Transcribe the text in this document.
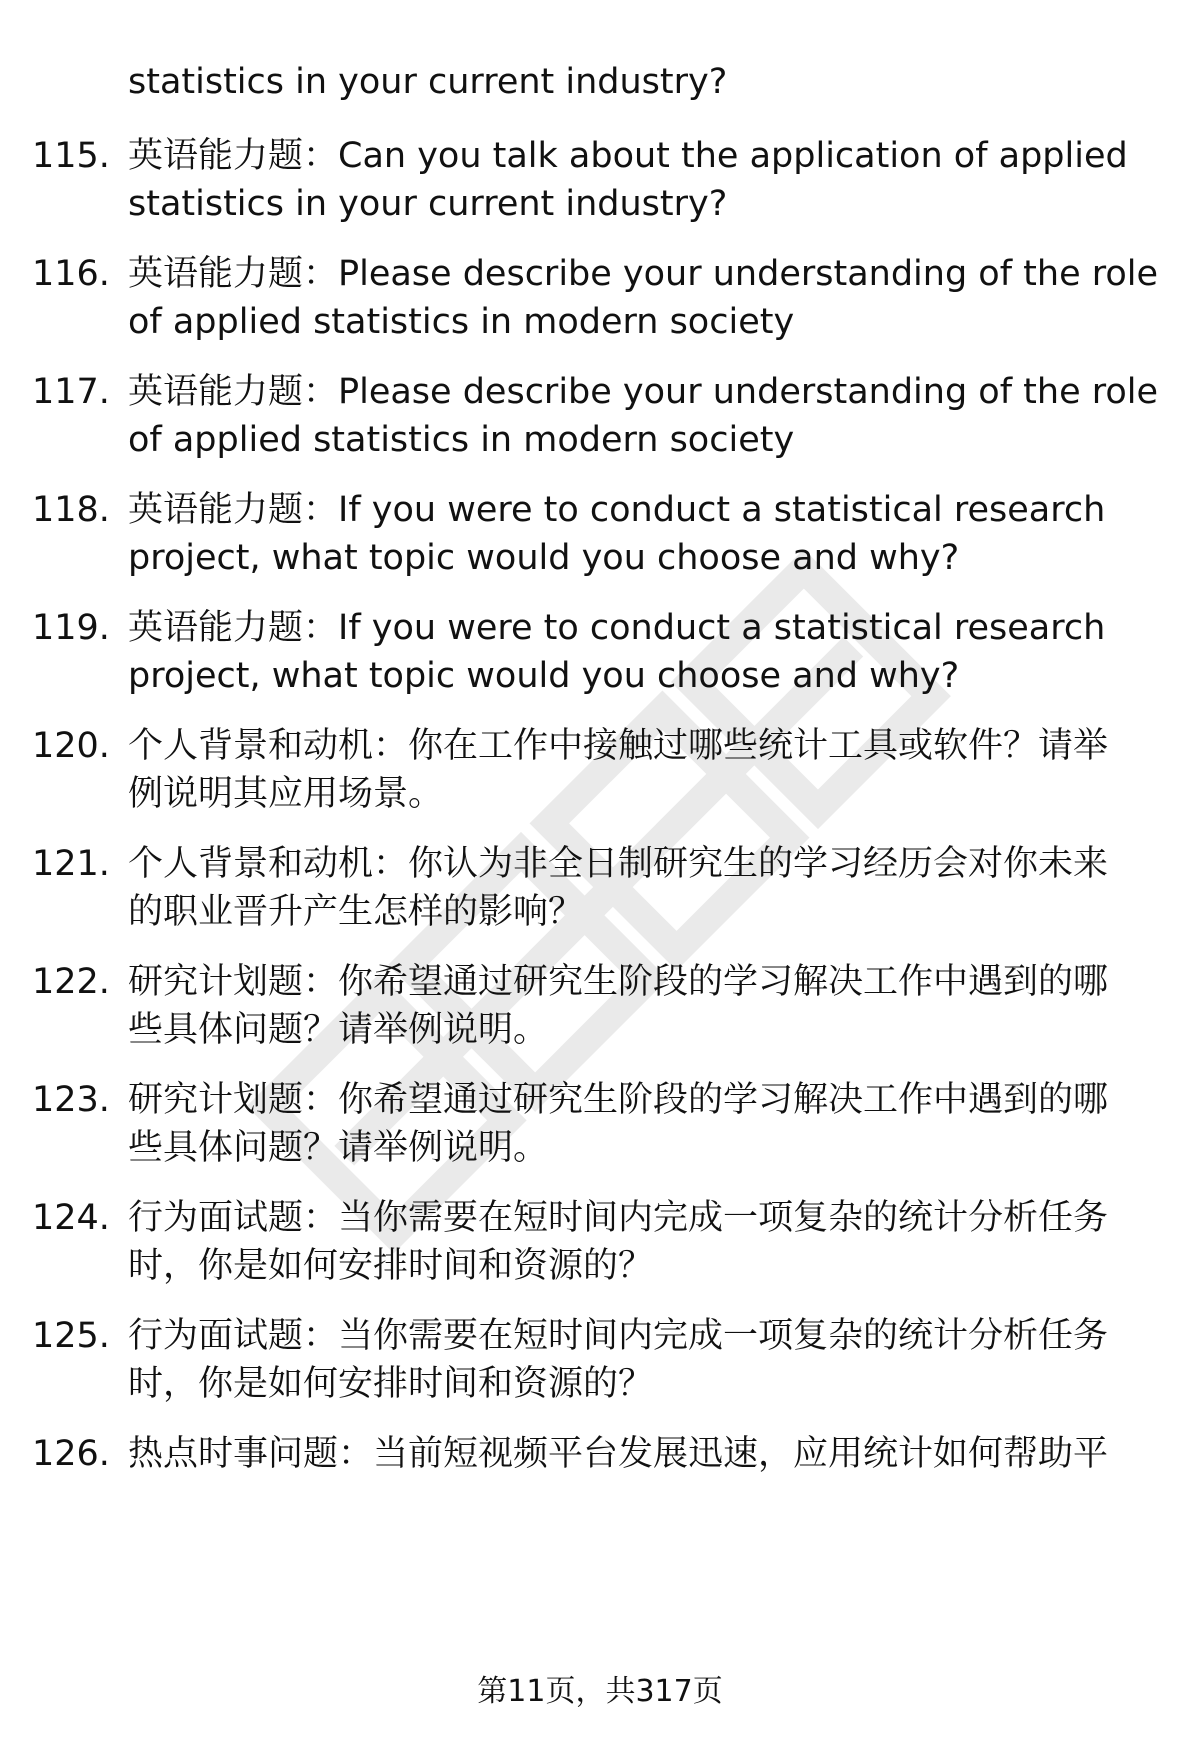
statistics in your current industry?
115. 英语能力题：Can you talk about the application of applied
statistics in your current industry?
116. 英语能力题：Please describe your understanding of the role
of applied statistics in modern society
117. 英语能力题：Please describe your understanding of the role
of applied statistics in modern society
118. 英语能力题：If you were to conduct a statistical research
project, what topic would you choose and why?
119. 英语能力题：If you were to conduct a statistical research
project, what topic would you choose and why?
120. 个人背景和动机：你在工作中接触过哪些统计工具或软件？请举
例说明其应用场景。
121. 个人背景和动机：你认为非全日制研究生的学习经历会对你未来
的职业晋升产生怎样的影响？
122. 研究计划题：你希望通过研究生阶段的学习解决工作中遇到的哪
些具体问题？请举例说明。
123. 研究计划题：你希望通过研究生阶段的学习解决工作中遇到的哪
些具体问题？请举例说明。
124. 行为面试题：当你需要在短时间内完成一项复杂的统计分析任务
时，你是如何安排时间和资源的？
125. 行为面试题：当你需要在短时间内完成一项复杂的统计分析任务
时，你是如何安排时间和资源的？
126. 热点时事问题：当前短视频平台发展迅速，应用统计如何帮助平
第11页，共317页
